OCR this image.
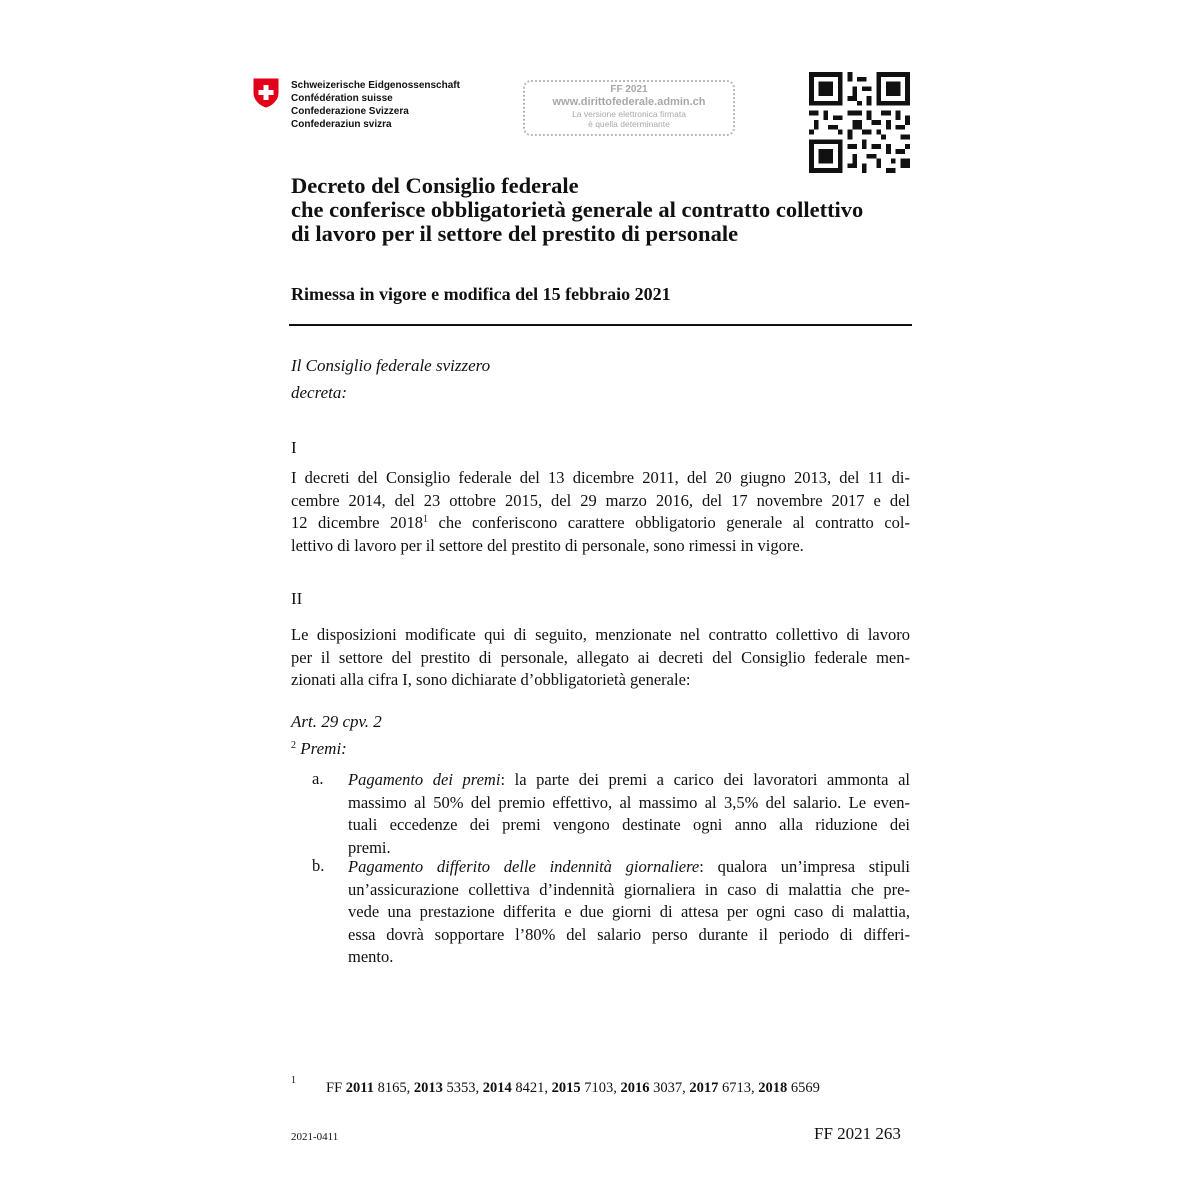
Schweizerische Eidgenossenschaft
Confédération suisse
Confederazione Svizzera
Confederaziun svizra
FF 2021
www.dirittofederale.admin.ch
La versione elettronica firmata
è quella determinante
Decreto del Consiglio federale
che conferisce obbligatorietà generale al contratto collettivo
di lavoro per il settore del prestito di personale
Rimessa in vigore e modifica del 15 febbraio 2021
Il Consiglio federale svizzero
decreta:
I
I decreti del Consiglio federale del 13 dicembre 2011, del 20 giugno 2013, del 11 di-
cembre 2014, del 23 ottobre 2015, del 29 marzo 2016, del 17 novembre 2017 e del
12 dicembre 2018$^1$ che conferiscono carattere obbligatorio generale al contratto col-
lettivo di lavoro per il settore del prestito di personale, sono rimessi in vigore.
II
Le disposizioni modificate qui di seguito, menzionate nel contratto collettivo di lavoro
per il settore del prestito di personale, allegato ai decreti del Consiglio federale men-
zionati alla cifra I, sono dichiarate d’obbligatorietà generale:
Art. 29 cpv. 2
$^2$ Premi:
a. Pagamento dei premi: la parte dei premi a carico dei lavoratori ammonta al
massimo al 50% del premio effettivo, al massimo al 3,5% del salario. Le even-
tuali eccedenze dei premi vengono destinate ogni anno alla riduzione dei
premi.
b. Pagamento differito delle indennità giornaliere: qualora un’impresa stipuli
un’assicurazione collettiva d’indennità giornaliera in caso di malattia che pre-
vede una prestazione differita e due giorni di attesa per ogni caso di malattia,
essa dovrà sopportare l’80% del salario perso durante il periodo di differi-
mento.
1 FF 2011 8165, 2013 5353, 2014 8421, 2015 7103, 2016 3037, 2017 6713, 2018 6569
2021-0411	FF 2021 263
